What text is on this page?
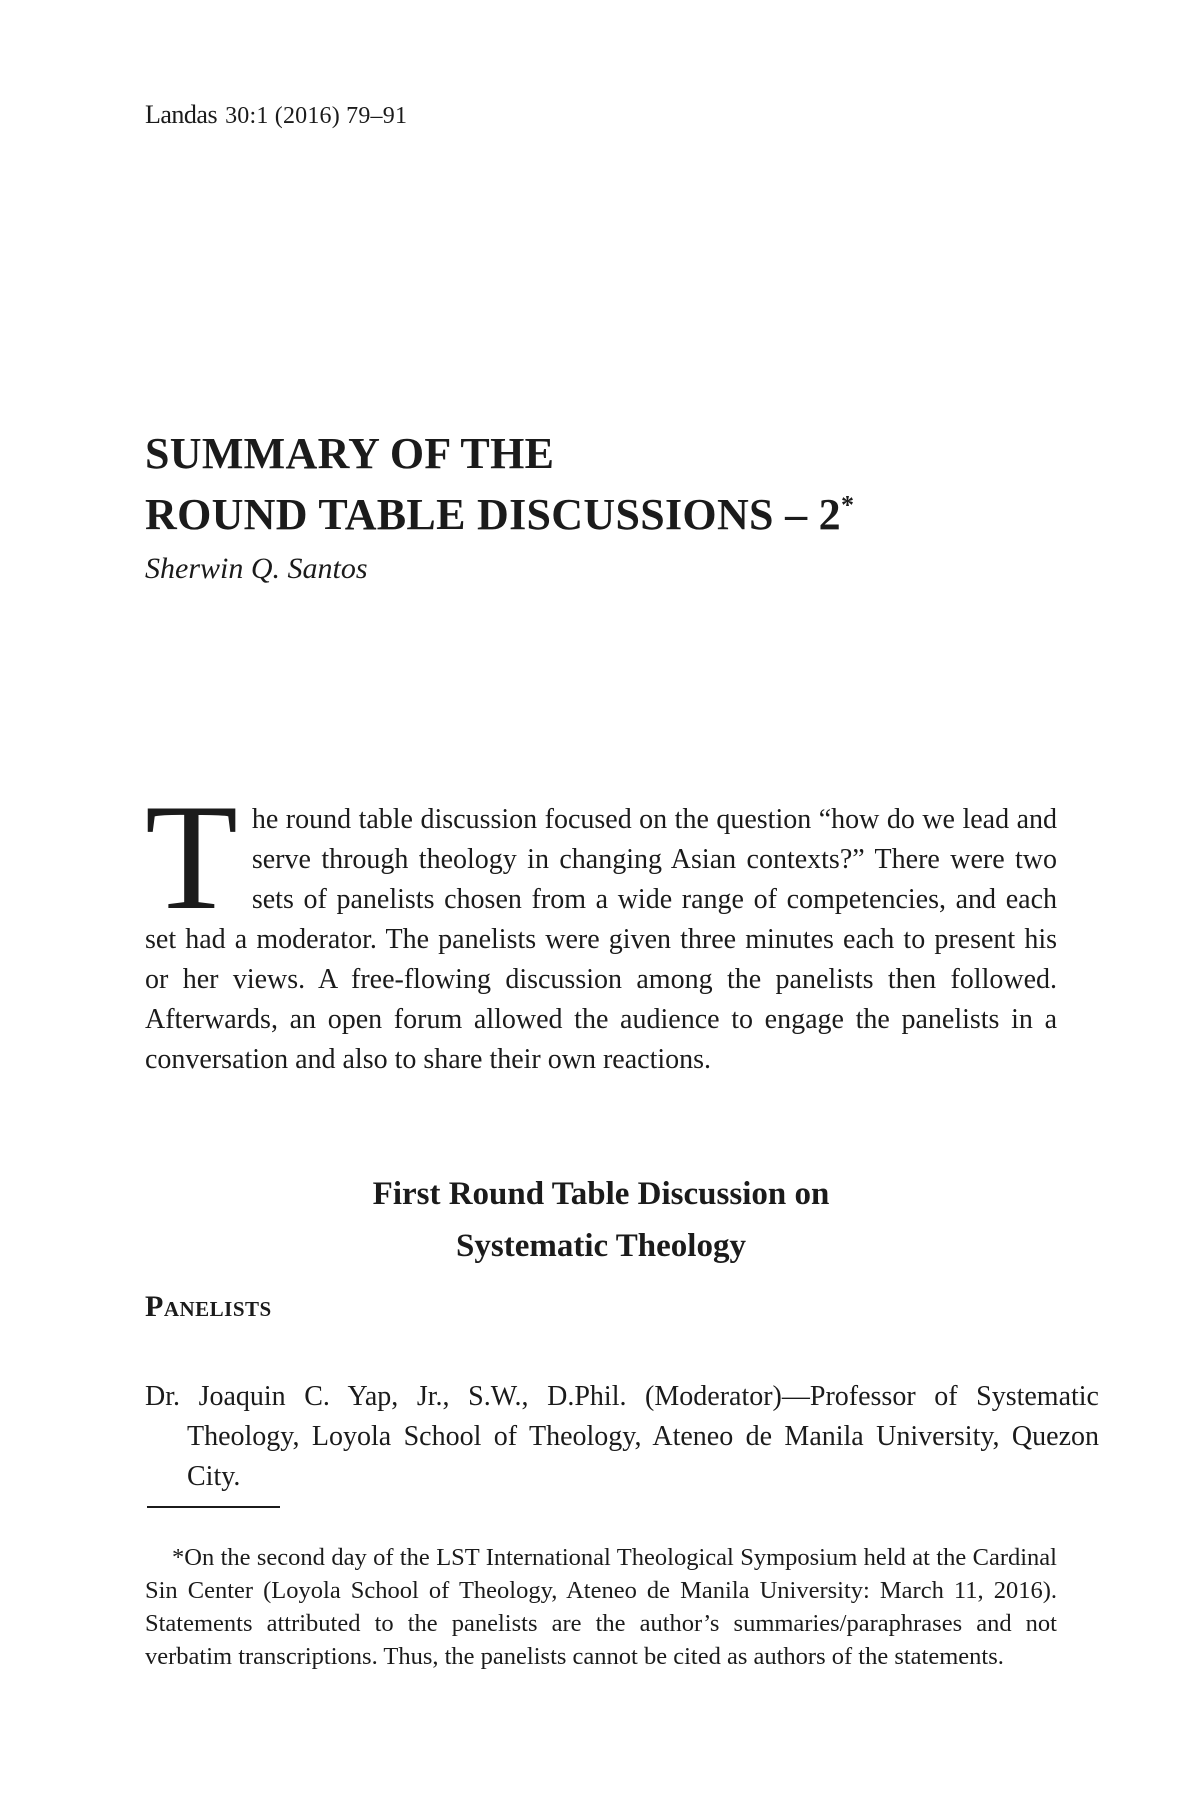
Landas 30:1 (2016) 79–91
SUMMARY OF THE
ROUND TABLE DISCUSSIONS – 2*
Sherwin Q. Santos

The round table discussion focused on the question “how do we lead and serve through theology in changing Asian contexts?” There were two sets of panelists chosen from a wide range of competencies, and each set had a moderator. The panelists were given three minutes each to present his or her views. A free-flowing discussion among the panelists then followed. Afterwards, an open forum allowed the audience to engage the panelists in a conversation and also to share their own reactions.

First Round Table Discussion on
Systematic Theology
Panelists

Dr. Joaquin C. Yap, Jr., S.W., D.Phil. (Moderator)—Professor of Systematic Theology, Loyola School of Theology, Ateneo de Manila University, Quezon City.

*On the second day of the LST International Theological Symposium held at the Cardinal Sin Center (Loyola School of Theology, Ateneo de Manila University: March 11, 2016). Statements attributed to the panelists are the author’s summaries/paraphrases and not verbatim transcriptions. Thus, the panelists cannot be cited as authors of the statements.
